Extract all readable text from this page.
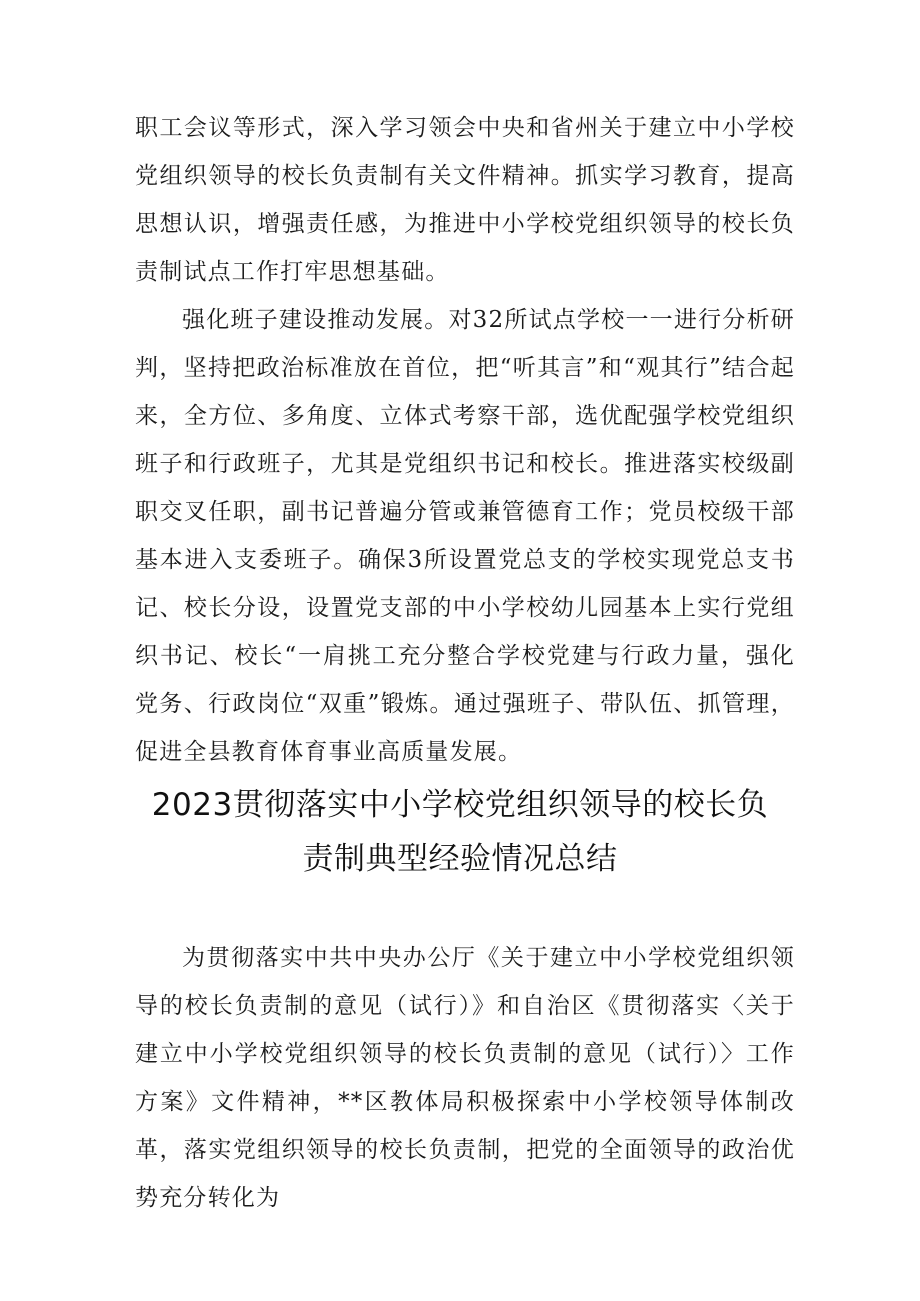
职工会议等形式，深入学习领会中央和省州关于建立中小学校党组织领导的校长负责制有关文件精神。抓实学习教育，提高思想认识，增强责任感，为推进中小学校党组织领导的校长负责制试点工作打牢思想基础。

强化班子建设推动发展。对32所试点学校一一进行分析研判，坚持把政治标准放在首位，把“听其言”和“观其行”结合起来，全方位、多角度、立体式考察干部，选优配强学校党组织班子和行政班子，尤其是党组织书记和校长。推进落实校级副职交叉任职，副书记普遍分管或兼管德育工作；党员校级干部基本进入支委班子。确保3所设置党总支的学校实现党总支书记、校长分设，设置党支部的中小学校幼儿园基本上实行党组织书记、校长“一肩挑工充分整合学校党建与行政力量，强化党务、行政岗位“双重”锻炼。通过强班子、带队伍、抓管理，促进全县教育体育事业高质量发展。

2023贯彻落实中小学校党组织领导的校长负
责制典型经验情况总结

为贯彻落实中共中央办公厅《关于建立中小学校党组织领导的校长负责制的意见（试行）》和自治区《贯彻落实〈关于建立中小学校党组织领导的校长负责制的意见（试行）〉工作方案》文件精神，**区教体局积极探索中小学校领导体制改革，落实党组织领导的校长负责制，把党的全面领导的政治优势充分转化为
